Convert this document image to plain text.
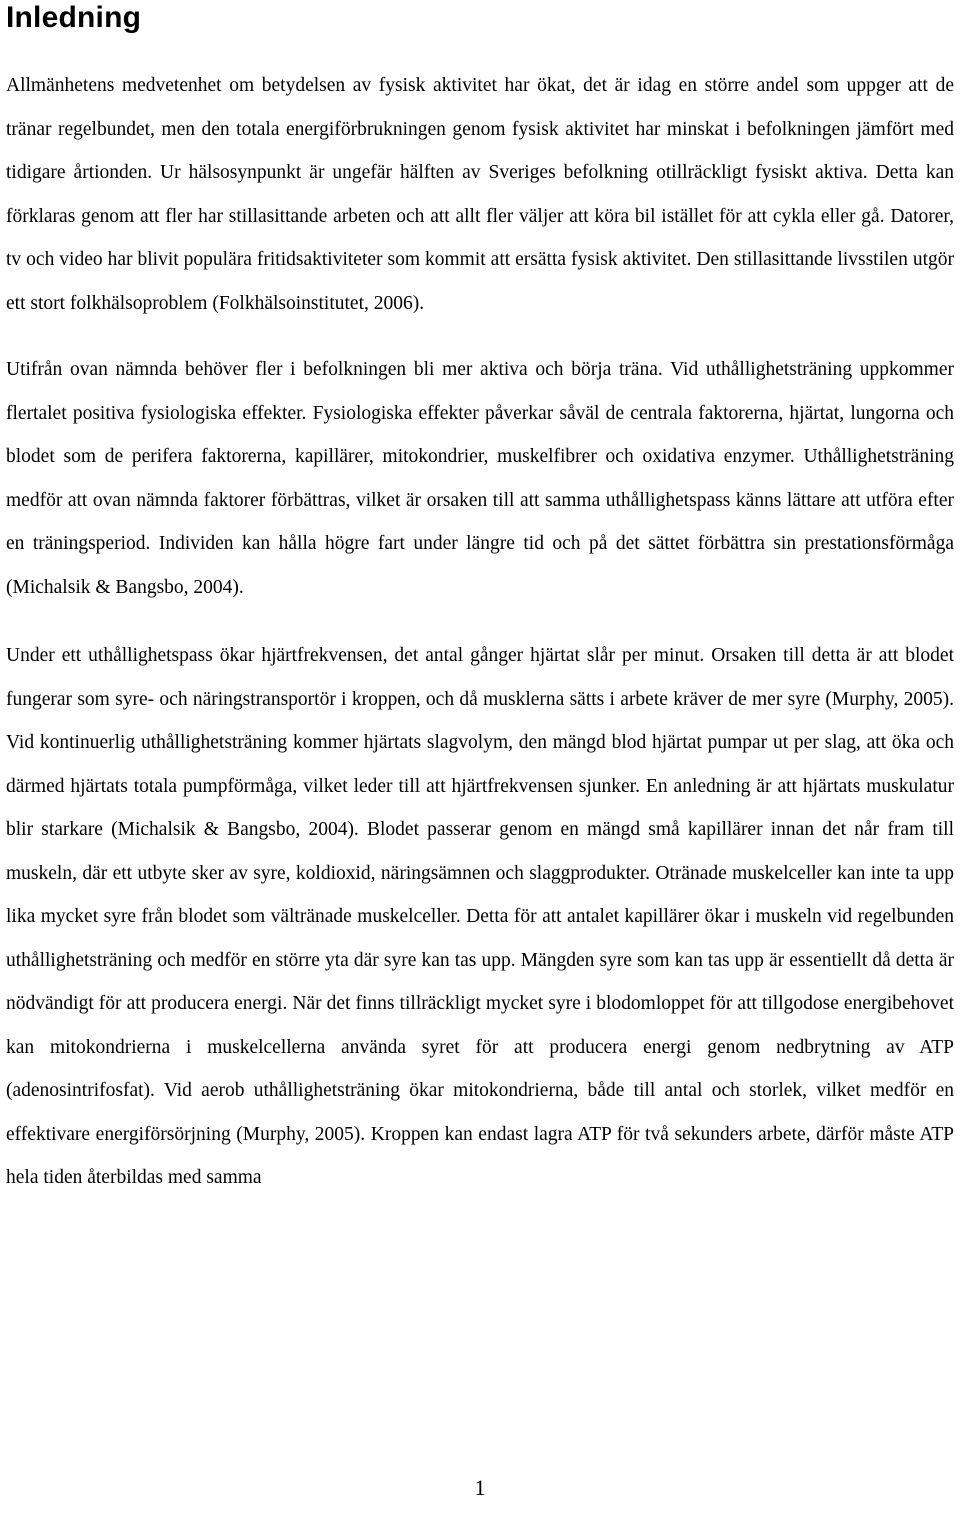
Inledning

Allmänhetens medvetenhet om betydelsen av fysisk aktivitet har ökat, det är idag en större andel som uppger att de tränar regelbundet, men den totala energiförbrukningen genom fysisk aktivitet har minskat i befolkningen jämfört med tidigare årtionden. Ur hälsosynpunkt är ungefär hälften av Sveriges befolkning otillräckligt fysiskt aktiva. Detta kan förklaras genom att fler har stillasittande arbeten och att allt fler väljer att köra bil istället för att cykla eller gå. Datorer, tv och video har blivit populära fritidsaktiviteter som kommit att ersätta fysisk aktivitet. Den stillasittande livsstilen utgör ett stort folkhälsoproblem (Folkhälsoinstitutet, 2006).

Utifrån ovan nämnda behöver fler i befolkningen bli mer aktiva och börja träna. Vid uthållighetsträning uppkommer flertalet positiva fysiologiska effekter. Fysiologiska effekter påverkar såväl de centrala faktorerna, hjärtat, lungorna och blodet som de perifera faktorerna, kapillärer, mitokondrier, muskelfibrer och oxidativa enzymer. Uthållighetsträning medför att ovan nämnda faktorer förbättras, vilket är orsaken till att samma uthållighetspass känns lättare att utföra efter en träningsperiod. Individen kan hålla högre fart under längre tid och på det sättet förbättra sin prestationsförmåga (Michalsik & Bangsbo, 2004).

Under ett uthållighetspass ökar hjärtfrekvensen, det antal gånger hjärtat slår per minut. Orsaken till detta är att blodet fungerar som syre- och näringstransportör i kroppen, och då musklerna sätts i arbete kräver de mer syre (Murphy, 2005). Vid kontinuerlig uthållighetsträning kommer hjärtats slagvolym, den mängd blod hjärtat pumpar ut per slag, att öka och därmed hjärtats totala pumpförmåga, vilket leder till att hjärtfrekvensen sjunker. En anledning är att hjärtats muskulatur blir starkare (Michalsik & Bangsbo, 2004). Blodet passerar genom en mängd små kapillärer innan det når fram till muskeln, där ett utbyte sker av syre, koldioxid, näringsämnen och slaggprodukter. Otränade muskelceller kan inte ta upp lika mycket syre från blodet som vältränade muskelceller. Detta för att antalet kapillärer ökar i muskeln vid regelbunden uthållighetsträning och medför en större yta där syre kan tas upp. Mängden syre som kan tas upp är essentiellt då detta är nödvändigt för att producera energi. När det finns tillräckligt mycket syre i blodomloppet för att tillgodose energibehovet kan mitokondrierna i muskelcellerna använda syret för att producera energi genom nedbrytning av ATP (adenosintrifosfat). Vid aerob uthållighetsträning ökar mitokondrierna, både till antal och storlek, vilket medför en effektivare energiförsörjning (Murphy, 2005). Kroppen kan endast lagra ATP för två sekunders arbete, därför måste ATP hela tiden återbildas med samma

1
